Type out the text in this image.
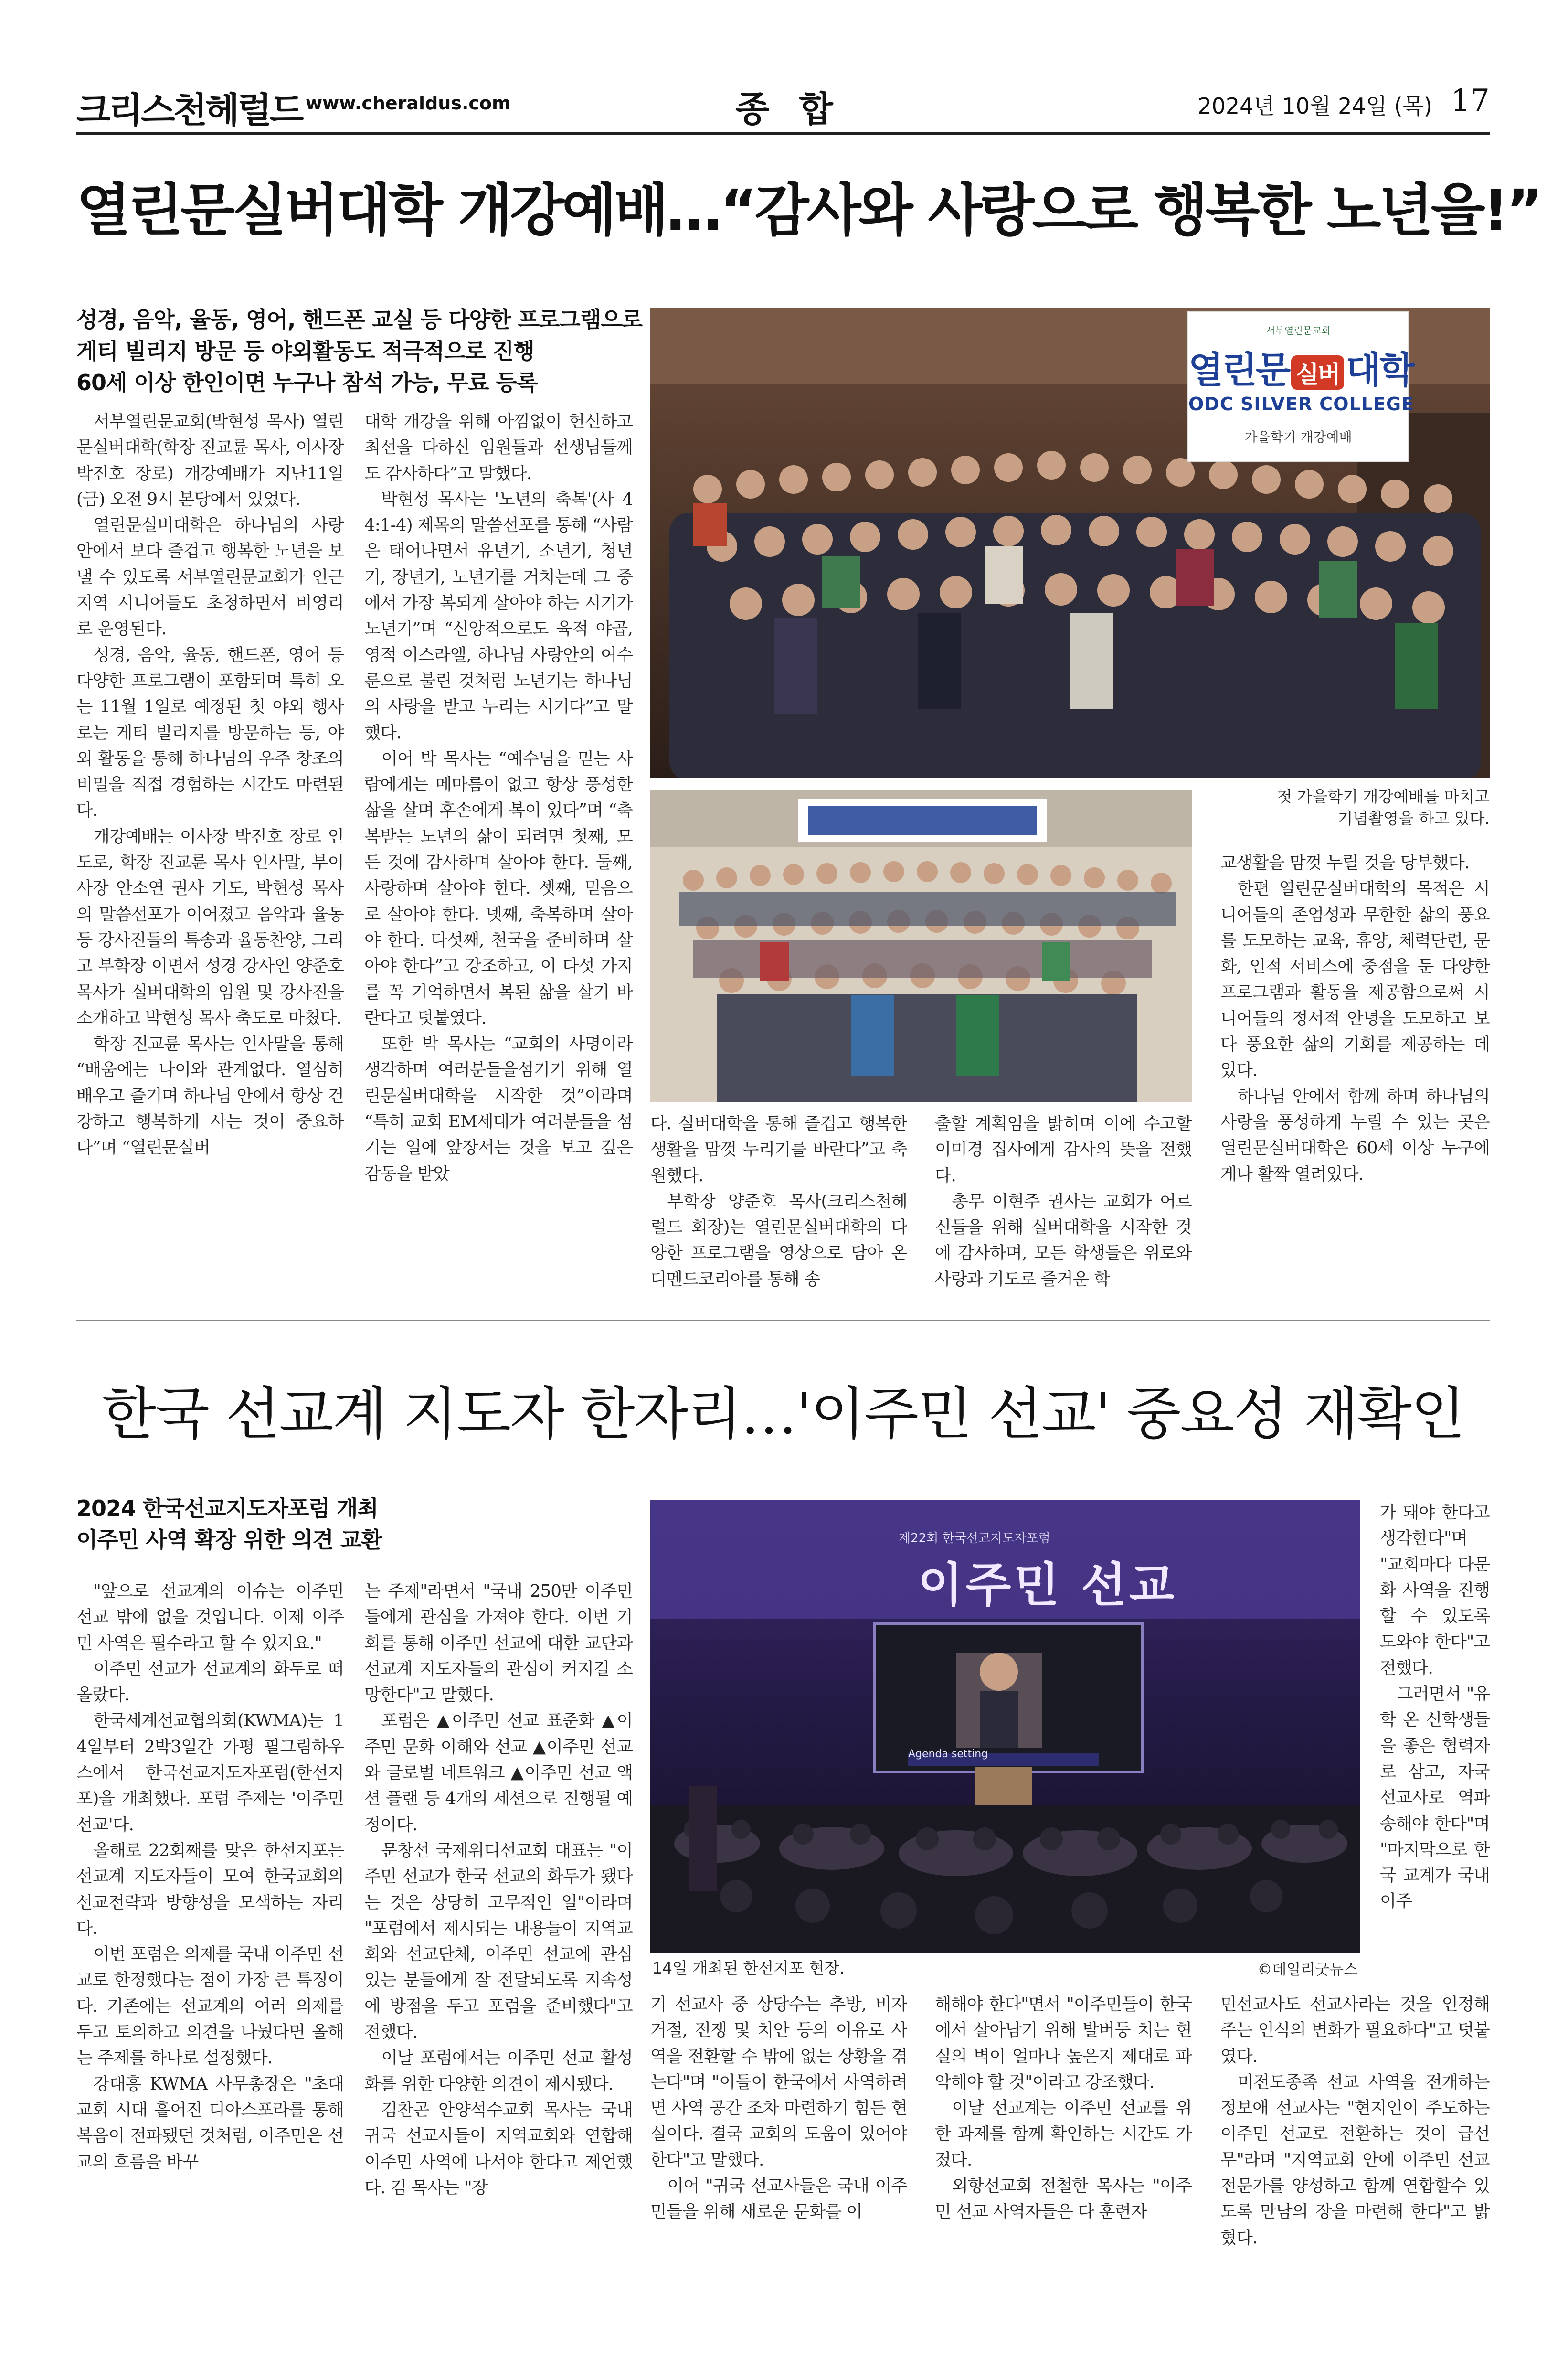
크리스천헤럴드 www.cheraldus.com	종 합	2024년 10월 24일 (목) 17
열린문실버대학 개강예배…“감사와 사랑으로 행복한 노년을!”
성경, 음악, 율동, 영어, 핸드폰 교실 등 다양한 프로그램으로
게티 빌리지 방문 등 야외활동도 적극적으로 진행
60세 이상 한인이면 누구나 참석 가능, 무료 등록

서부열린문교회(박현성 목사) 열린문실버대학(학장 진교륜 목사, 이사장 박진호 장로) 개강예배가 지난11일(금) 오전 9시 본당에서 있었다.

열린문실버대학은 하나님의 사랑 안에서 보다 즐겁고 행복한 노년을 보낼 수 있도록 서부열린문교회가 인근 지역 시니어들도 초청하면서 비영리로 운영된다.

성경, 음악, 율동, 핸드폰, 영어 등 다양한 프로그램이 포함되며 특히 오는 11월 1일로 예정된 첫 야외 행사로는 게티 빌리지를 방문하는 등, 야외 활동을 통해 하나님의 우주 창조의 비밀을 직접 경험하는 시간도 마련된다.

개강예배는 이사장 박진호 장로 인도로, 학장 진교륜 목사 인사말, 부이사장 안소연 권사 기도, 박현성 목사의 말씀선포가 이어졌고 음악과 율동등 강사진들의 특송과 율동찬양, 그리고 부학장 이면서 성경 강사인 양준호 목사가 실버대학의 임원 및 강사진을 소개하고 박현성 목사 축도로 마쳤다.

학장 진교륜 목사는 인사말을 통해 “배움에는 나이와 관계없다. 열심히 배우고 즐기며 하나님 안에서 항상 건강하고 행복하게 사는 것이 중요하다”며 “열린문실버

대학 개강을 위해 아낌없이 헌신하고 최선을 다하신 임원들과 선생님들께도 감사하다”고 말했다.

박현성 목사는 '노년의 축복'(사 44:1-4) 제목의 말씀선포를 통해 “사람은 태어나면서 유년기, 소년기, 청년기, 장년기, 노년기를 거치는데 그 중에서 가장 복되게 살아야 하는 시기가 노년기”며 “신앙적으로도 육적 야곱, 영적 이스라엘, 하나님 사랑안의 여수룬으로 불린 것처럼 노년기는 하나님의 사랑을 받고 누리는 시기다”고 말했다.

이어 박 목사는 “예수님을 믿는 사람에게는 메마름이 없고 항상 풍성한 삶을 살며 후손에게 복이 있다”며 “축복받는 노년의 삶이 되려면 첫째, 모든 것에 감사하며 살아야 한다. 둘째, 사랑하며 살아야 한다. 셋째, 믿음으로 살아야 한다. 넷째, 축복하며 살아야 한다. 다섯째, 천국을 준비하며 살아야 한다”고 강조하고, 이 다섯 가지를 꼭 기억하면서 복된 삶을 살기 바란다고 덧붙였다.

또한 박 목사는 “교회의 사명이라 생각하며 여러분들을섬기기 위해 열린문실버대학을 시작한 것”이라며 “특히 교회 EM세대가 여러분들을 섬기는 일에 앞장서는 것을 보고 깊은 감동을 받았

서부열린문교회
열린문 실버 대학
ODC SILVER COLLEGE
가을학기 개강예배
첫 가을학기 개강예배를 마치고
기념촬영을 하고 있다.

다. 실버대학을 통해 즐겁고 행복한 생활을 맘껏 누리기를 바란다”고 축원했다.

부학장 양준호 목사(크리스천헤럴드 회장)는 열린문실버대학의 다양한 프로그램을 영상으로 담아 온디멘드코리아를 통해 송

출할 계획임을 밝히며 이에 수고할 이미경 집사에게 감사의 뜻을 전했다.

총무 이현주 권사는 교회가 어르신들을 위해 실버대학을 시작한 것에 감사하며, 모든 학생들은 위로와 사랑과 기도로 즐거운 학

교생활을 맘껏 누릴 것을 당부했다.

한편 열린문실버대학의 목적은 시니어들의 존엄성과 무한한 삶의 풍요를 도모하는 교육, 휴양, 체력단련, 문화, 인적 서비스에 중점을 둔 다양한 프로그램과 활동을 제공함으로써 시니어들의 정서적 안녕을 도모하고 보다 풍요한 삶의 기회를 제공하는 데 있다.

하나님 안에서 함께 하며 하나님의 사랑을 풍성하게 누릴 수 있는 곳은 열린문실버대학은 60세 이상 누구에게나 활짝 열려있다.

한국 선교계 지도자 한자리…'이주민 선교' 중요성 재확인
2024 한국선교지도자포럼 개최
이주민 사역 확장 위한 의견 교환

"앞으로 선교계의 이슈는 이주민 선교 밖에 없을 것입니다. 이제 이주민 사역은 필수라고 할 수 있지요."

이주민 선교가 선교계의 화두로 떠올랐다.

한국세계선교협의회(KWMA)는 14일부터 2박3일간 가평 필그림하우스에서 한국선교지도자포럼(한선지포)을 개최했다. 포럼 주제는 '이주민 선교'다.

올해로 22회째를 맞은 한선지포는 선교계 지도자들이 모여 한국교회의 선교전략과 방향성을 모색하는 자리다.

이번 포럼은 의제를 국내 이주민 선교로 한정했다는 점이 가장 큰 특징이다. 기존에는 선교계의 여러 의제를 두고 토의하고 의견을 나눴다면 올해는 주제를 하나로 설정했다.

강대흥 KWMA 사무총장은 "초대교회 시대 흩어진 디아스포라를 통해 복음이 전파됐던 것처럼, 이주민은 선교의 흐름을 바꾸

는 주제"라면서 "국내 250만 이주민들에게 관심을 가져야 한다. 이번 기회를 통해 이주민 선교에 대한 교단과 선교계 지도자들의 관심이 커지길 소망한다"고 말했다.

포럼은 ▲이주민 선교 표준화 ▲이주민 문화 이해와 선교 ▲이주민 선교와 글로벌 네트워크 ▲이주민 선교 액션 플랜 등 4개의 세션으로 진행될 예정이다.

문창선 국제위디선교회 대표는 "이주민 선교가 한국 선교의 화두가 됐다는 것은 상당히 고무적인 일"이라며 "포럼에서 제시되는 내용들이 지역교회와 선교단체, 이주민 선교에 관심 있는 분들에게 잘 전달되도록 지속성에 방점을 두고 포럼을 준비했다"고 전했다.

이날 포럼에서는 이주민 선교 활성화를 위한 다양한 의견이 제시됐다.

김찬곤 안양석수교회 목사는 국내 귀국 선교사들이 지역교회와 연합해 이주민 사역에 나서야 한다고 제언했다. 김 목사는 "장

제22회 한국선교지도자포럼
이주민 선교
Agenda setting
14일 개최된 한선지포 현장.	©데일리굿뉴스

기 선교사 중 상당수는 추방, 비자 거절, 전쟁 및 치안 등의 이유로 사역을 전환할 수 밖에 없는 상황을 겪는다"며 "이들이 한국에서 사역하려면 사역 공간 조차 마련하기 힘든 현실이다. 결국 교회의 도움이 있어야 한다"고 말했다.

이어 "귀국 선교사들은 국내 이주민들을 위해 새로운 문화를 이

해해야 한다"면서 "이주민들이 한국에서 살아남기 위해 발버둥 치는 현실의 벽이 얼마나 높은지 제대로 파악해야 할 것"이라고 강조했다.

이날 선교계는 이주민 선교를 위한 과제를 함께 확인하는 시간도 가졌다.

외항선교회 전철한 목사는 "이주민 선교 사역자들은 다 훈련자

가 돼야 한다고 생각한다"며 "교회마다 다문화 사역을 진행할 수 있도록 도와야 한다"고 전했다.

그러면서 "유학 온 신학생들을 좋은 협력자로 삼고, 자국 선교사로 역파송해야 한다"며 "마지막으로 한국 교계가 국내 이주

민선교사도 선교사라는 것을 인정해주는 인식의 변화가 필요하다"고 덧붙였다.

미전도종족 선교 사역을 전개하는 정보애 선교사는 "현지인이 주도하는 이주민 선교로 전환하는 것이 급선무"라며 "지역교회 안에 이주민 선교 전문가를 양성하고 함께 연합할수 있도록 만남의 장을 마련해 한다"고 밝혔다.
